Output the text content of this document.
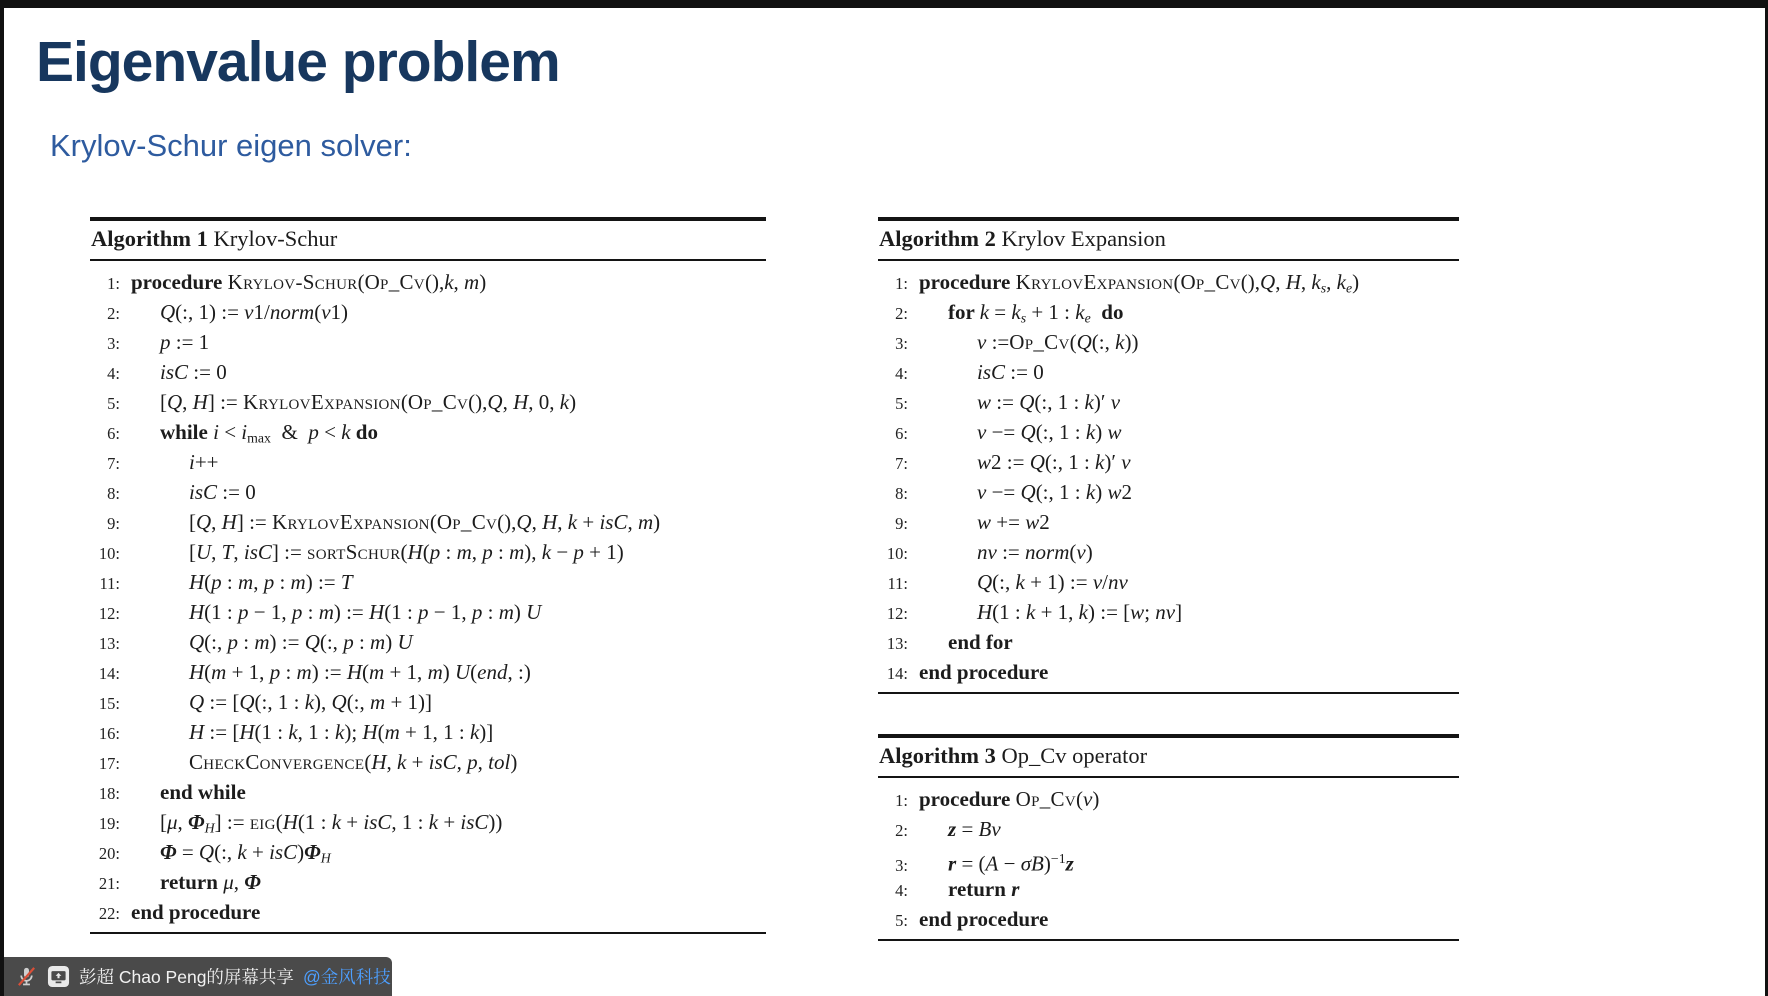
Eigenvalue problem
Krylov-Schur eigen solver:
Algorithm 1 Krylov-Schur
1: procedure Krylov-Schur(Op_Cv(),k, m)
2:	Q(:, 1) := v1/norm(v1)
3:	p := 1
4:	isC := 0
5:	[Q, H] := KrylovExpansion(Op_Cv(),Q, H, 0, k)
6:	while i < imax  &  p < k do
7:	i++
8:	isC := 0
9:	[Q, H] := KrylovExpansion(Op_Cv(),Q, H, k + isC, m)
10:	[U, T, isC] := sortSchur(H(p : m, p : m), k − p + 1)
11:	H(p : m, p : m) := T
12:	H(1 : p − 1, p : m) := H(1 : p − 1, p : m) U
13:	Q(:, p : m) := Q(:, p : m) U
14:	H(m + 1, p : m) := H(m + 1, m) U(end, :)
15:	Q := [Q(:, 1 : k), Q(:, m + 1)]
16:	H := [H(1 : k, 1 : k); H(m + 1, 1 : k)]
17:	CheckConvergence(H, k + isC, p, tol)
18:	end while
19:	[μ, ΦH] := eig(H(1 : k + isC, 1 : k + isC))
20:	Φ = Q(:, k + isC)ΦH
21:	return μ, Φ
22: end procedure
Algorithm 2 Krylov Expansion
1: procedure KrylovExpansion(Op_Cv(),Q, H, ks, ke)
2:	for k = ks + 1 : ke  do
3:	v :=Op_Cv(Q(:, k))
4:	isC := 0
5:	w := Q(:, 1 : k)′ v
6:	v −= Q(:, 1 : k) w
7:	w2 := Q(:, 1 : k)′ v
8:	v −= Q(:, 1 : k) w2
9:	w += w2
10:	nv := norm(v)
11:	Q(:, k + 1) := v/nv
12:	H(1 : k + 1, k) := [w; nv]
13:	end for
14: end procedure
Algorithm 3 Op_Cv operator
1: procedure Op_Cv(v)
2:	z = Bv
3:	$r = (A - \sigma B)^{-1}z$
4:	return r
5: end procedure
彭超 Chao Peng的屏幕共享 @金风科技
